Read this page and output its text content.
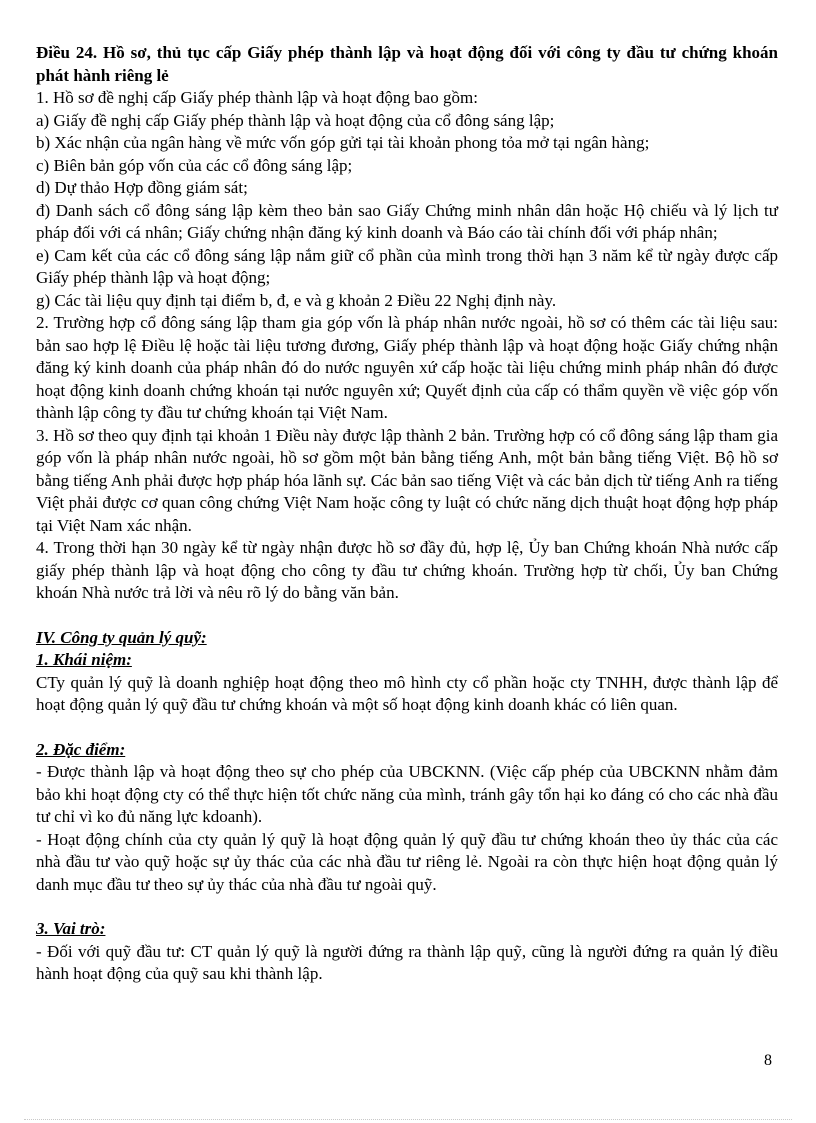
Điều 24. Hồ sơ, thủ tục cấp Giấy phép thành lập và hoạt động đối với công ty đầu tư chứng khoán phát hành riêng lẻ

1. Hồ sơ đề nghị cấp Giấy phép thành lập và hoạt động bao gồm:

a) Giấy đề nghị cấp Giấy phép thành lập và hoạt động của cổ đông sáng lập;

b) Xác nhận của ngân hàng về mức vốn góp gửi tại tài khoản phong tỏa mở tại ngân hàng;

c) Biên bản góp vốn của các cổ đông sáng lập;

d) Dự thảo Hợp đồng giám sát;

đ) Danh sách cổ đông sáng lập kèm theo bản sao Giấy Chứng minh nhân dân hoặc Hộ chiếu và lý lịch tư pháp đối với cá nhân; Giấy chứng nhận đăng ký kinh doanh và Báo cáo tài chính đối với pháp nhân;

e) Cam kết của các cổ đông sáng lập nắm giữ cổ phần của mình trong thời hạn 3 năm kể từ ngày được cấp Giấy phép thành lập và hoạt động;

g) Các tài liệu quy định tại điểm b, đ, e và g khoản 2 Điều 22 Nghị định này.

2. Trường hợp cổ đông sáng lập tham gia góp vốn là pháp nhân nước ngoài, hồ sơ có thêm các tài liệu sau: bản sao hợp lệ Điều lệ hoặc tài liệu tương đương, Giấy phép thành lập và hoạt động hoặc Giấy chứng nhận đăng ký kinh doanh của pháp nhân đó do nước nguyên xứ cấp hoặc tài liệu chứng minh pháp nhân đó được hoạt động kinh doanh chứng khoán tại nước nguyên xứ; Quyết định của cấp có thẩm quyền về việc góp vốn thành lập công ty đầu tư chứng khoán tại Việt Nam.

3. Hồ sơ theo quy định tại khoản 1 Điều này được lập thành 2 bản. Trường hợp có cổ đông sáng lập tham gia góp vốn là pháp nhân nước ngoài, hồ sơ gồm một bản bằng tiếng Anh, một bản bằng tiếng Việt. Bộ hồ sơ bằng tiếng Anh phải được hợp pháp hóa lãnh sự. Các bản sao tiếng Việt và các bản dịch từ tiếng Anh ra tiếng Việt phải được cơ quan công chứng Việt Nam hoặc công ty luật có chức năng dịch thuật hoạt động hợp pháp tại Việt Nam xác nhận.

4. Trong thời hạn 30 ngày kể từ ngày nhận được hồ sơ đầy đủ, hợp lệ, Ủy ban Chứng khoán Nhà nước cấp giấy phép thành lập và hoạt động cho công ty đầu tư chứng khoán. Trường hợp từ chối, Ủy ban Chứng khoán Nhà nước trả lời và nêu rõ lý do bằng văn bản.

IV. Công ty quản lý quỹ:

1. Khái niệm:

CTy quản lý quỹ là doanh nghiệp hoạt động theo mô hình cty cổ phần hoặc cty TNHH, được thành lập để hoạt động quản lý quỹ đầu tư chứng khoán và một số hoạt động kinh doanh khác có liên quan.

2. Đặc điểm:

- Được thành lập và hoạt động theo sự cho phép của UBCKNN. (Việc cấp phép của UBCKNN nhằm đảm bảo khi hoạt động cty có thể thực hiện tốt chức năng của mình, tránh gây tổn hại ko đáng có cho các nhà đầu tư chỉ vì ko đủ năng lực kdoanh).

- Hoạt động chính của cty quản lý quỹ là hoạt động quản lý quỹ đầu tư chứng khoán theo ủy thác của các nhà đầu tư vào quỹ hoặc sự ủy thác của các nhà đầu tư riêng lẻ. Ngoài ra còn thực hiện hoạt động quản lý danh mục đầu tư theo sự ủy thác của nhà đầu tư ngoài quỹ.

3. Vai trò:

- Đối với quỹ đầu tư: CT quản lý quỹ là người đứng ra thành lập quỹ, cũng là người đứng ra quản lý điều hành hoạt động của quỹ sau khi thành lập.

8
